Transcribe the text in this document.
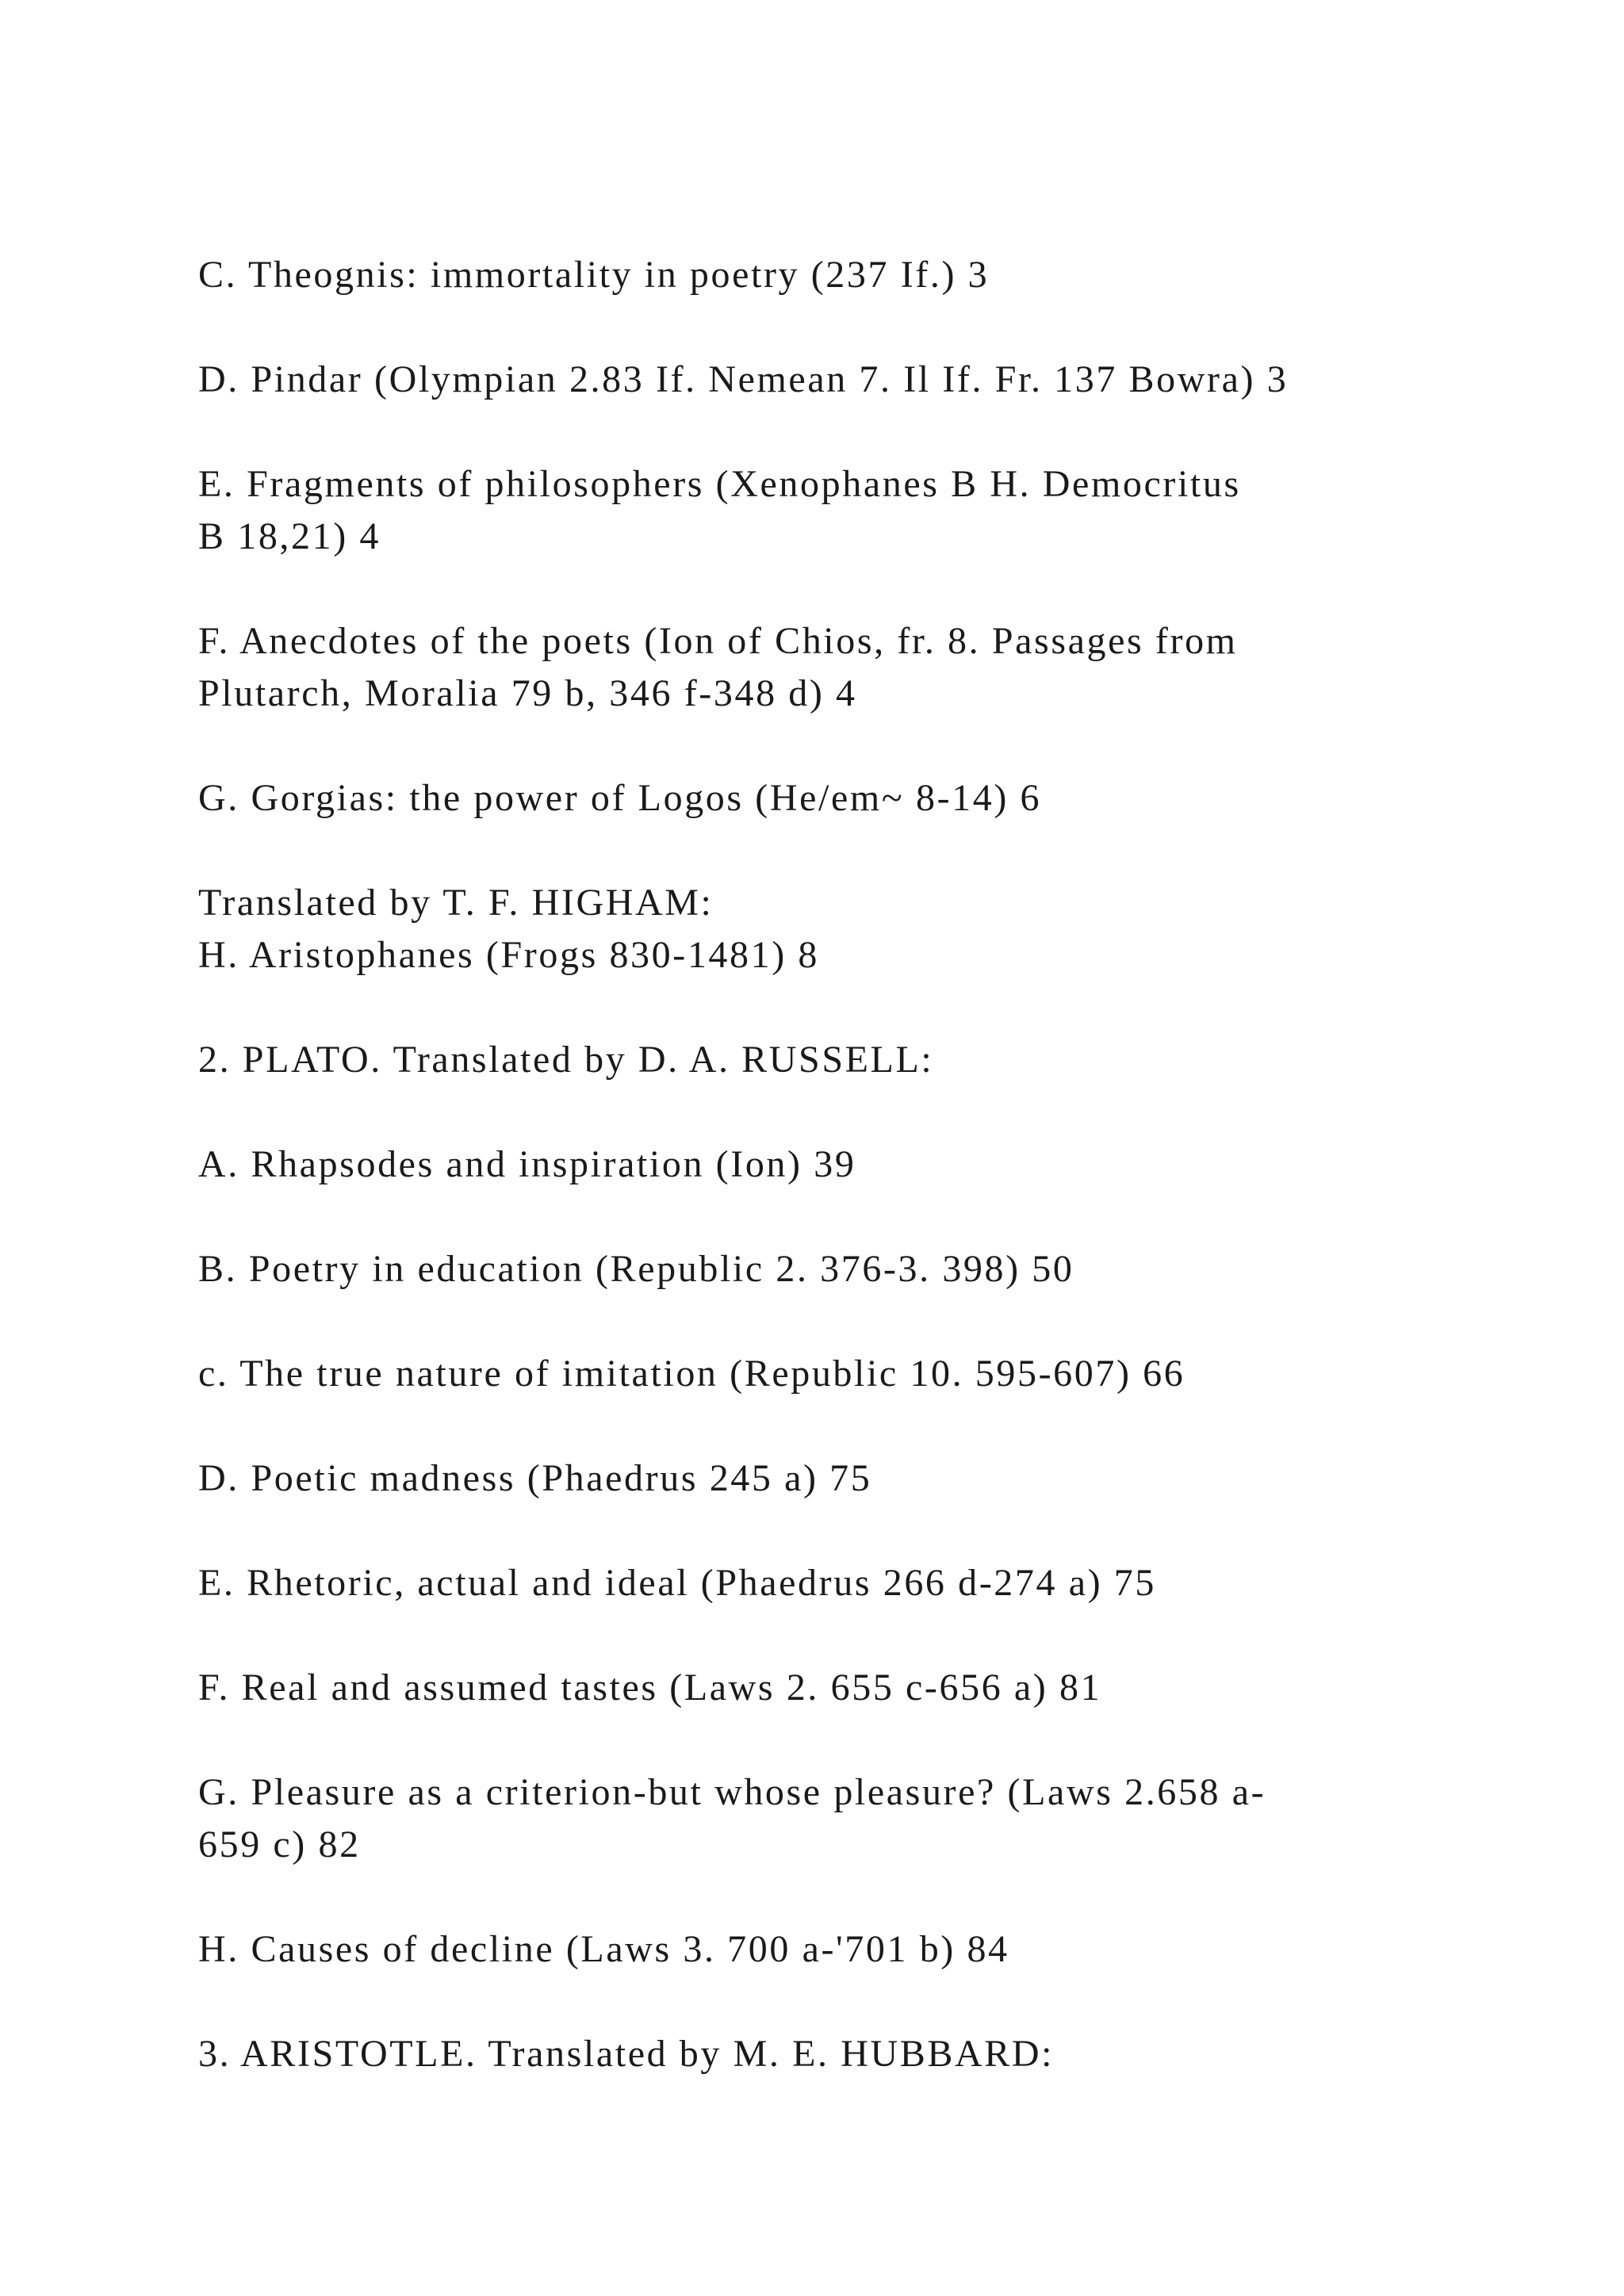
C. Theognis: immortality in poetry (237 If.) 3

D. Pindar (Olympian 2.83 If. Nemean 7. Il If. Fr. 137 Bowra) 3

E. Fragments of philosophers (Xenophanes B H. Democritus

B 18,21) 4

F. Anecdotes of the poets (Ion of Chios, fr. 8. Passages from

Plutarch, Moralia 79 b, 346 f-348 d) 4

G. Gorgias: the power of Logos (He/em~ 8-14) 6

Translated by T. F. HIGHAM:

H. Aristophanes (Frogs 830-1481) 8

2. PLATO. Translated by D. A. RUSSELL:

A. Rhapsodes and inspiration (Ion) 39

B. Poetry in education (Republic 2. 376-3. 398) 50

c. The true nature of imitation (Republic 10. 595-607) 66

D. Poetic madness (Phaedrus 245 a) 75

E. Rhetoric, actual and ideal (Phaedrus 266 d-274 a) 75

F. Real and assumed tastes (Laws 2. 655 c-656 a) 81

G. Pleasure as a criterion-but whose pleasure? (Laws 2.658 a-

659 c) 82

H. Causes of decline (Laws 3. 700 a-'701 b) 84

3. ARISTOTLE. Translated by M. E. HUBBARD:
